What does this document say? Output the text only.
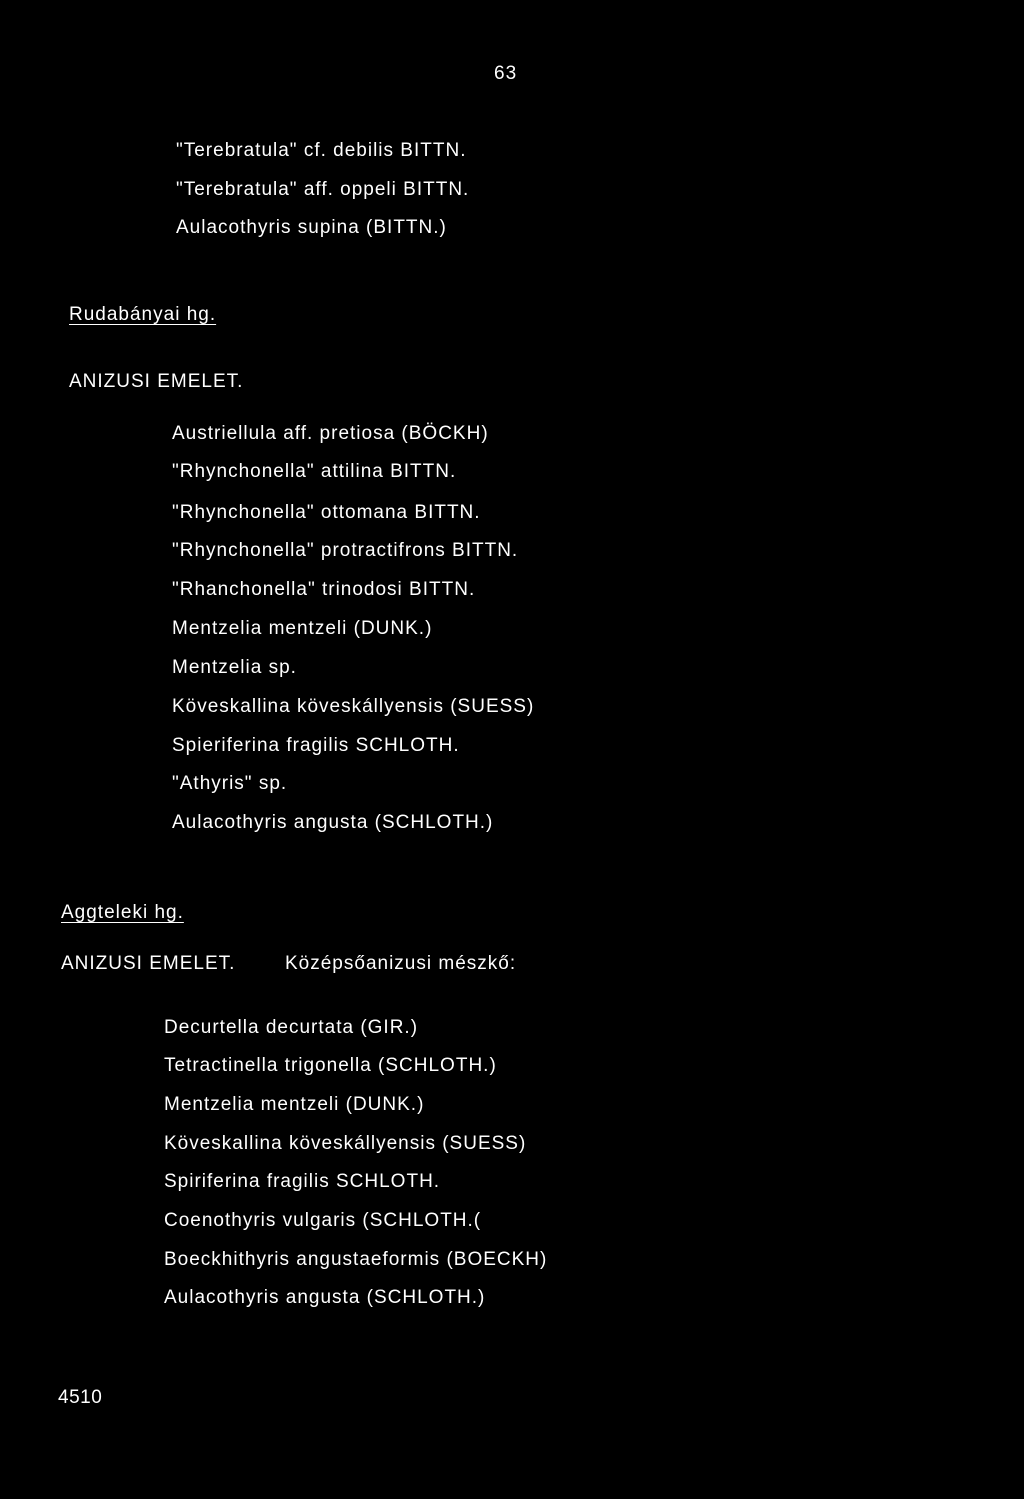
63
"Terebratula" cf. debilis BITTN.
"Terebratula" aff. oppeli BITTN.
Aulacothyris supina (BITTN.)
Rudabányai hg.
ANIZUSI EMELET.
Austriellula aff. pretiosa (BÖCKH)
"Rhynchonella" attilina BITTN.
"Rhynchonella" ottomana BITTN.
"Rhynchonella" protractifrons BITTN.
"Rhanchonella" trinodosi BITTN.
Mentzelia mentzeli (DUNK.)
Mentzelia sp.
Köveskallina köveskállyensis (SUESS)
Spieriferina fragilis SCHLOTH.
"Athyris" sp.
Aulacothyris angusta (SCHLOTH.)
Aggteleki hg.
ANIZUSI EMELET.	Középsőanizusi mészkő:
Decurtella decurtata (GIR.)
Tetractinella trigonella (SCHLOTH.)
Mentzelia mentzeli (DUNK.)
Köveskallina köveskállyensis (SUESS)
Spiriferina fragilis SCHLOTH.
Coenothyris vulgaris (SCHLOTH.(
Boeckhithyris angustaeformis (BOECKH)
Aulacothyris angusta (SCHLOTH.)
4510
